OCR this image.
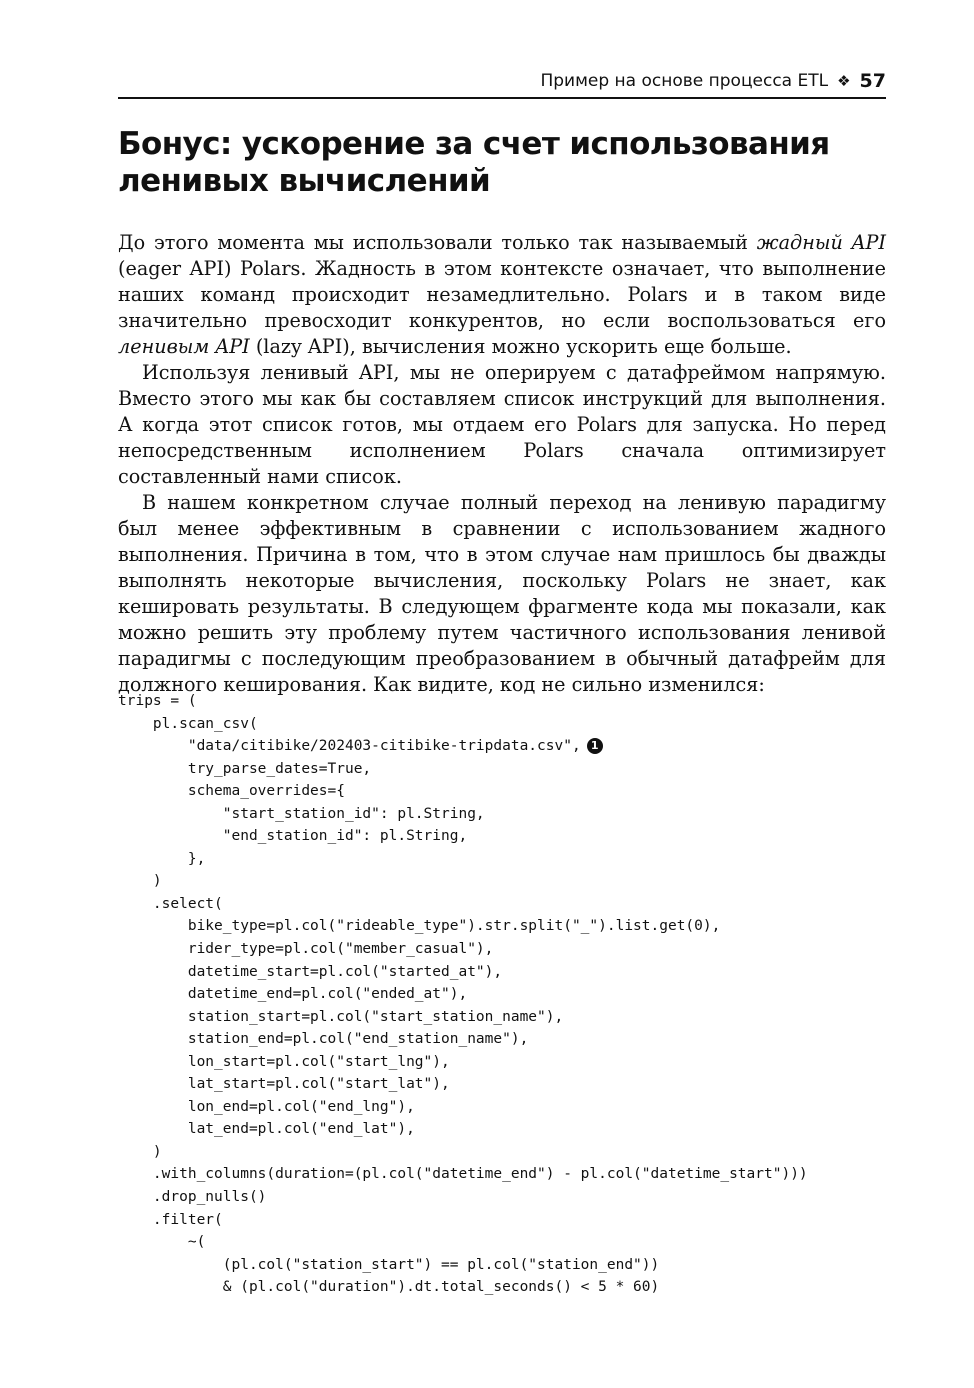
Пример на основе процесса ETL ❖ 57
Бонус: ускорение за счет использования ленивых вычислений

До этого момента мы использовали только так называемый жадный API (eager API) Polars. Жадность в этом контексте означает, что выполнение наших команд происходит незамедлительно. Polars и в таком виде значительно превосходит конкурентов, но если воспользоваться его ленивым API (lazy API), вычисления можно ускорить еще больше.

Используя ленивый API, мы не оперируем с датафреймом напрямую. Вместо этого мы как бы составляем список инструкций для выполнения. А когда этот список готов, мы отдаем его Polars для запуска. Но перед непосредственным исполнением Polars сначала оптимизирует составленный нами список.

В нашем конкретном случае полный переход на ленивую парадигму был менее эффективным в сравнении с использованием жадного выполнения. Причина в том, что в этом случае нам пришлось бы дважды выполнять некоторые вычисления, поскольку Polars не знает, как кешировать результаты. В следующем фрагменте кода мы показали, как можно решить эту проблему путем частичного использования ленивой парадигмы с последующим преобразованием в обычный датафрейм для должного кеширования. Как видите, код не сильно изменился:

trips = (
pl.scan_csv(
"data/citibike/202403-citibike-tripdata.csv", 1
try_parse_dates=True,
schema_overrides={
"start_station_id": pl.String,
"end_station_id": pl.String,
},
)
.select(
bike_type=pl.col("rideable_type").str.split("_").list.get(0),
rider_type=pl.col("member_casual"),
datetime_start=pl.col("started_at"),
datetime_end=pl.col("ended_at"),
station_start=pl.col("start_station_name"),
station_end=pl.col("end_station_name"),
lon_start=pl.col("start_lng"),
lat_start=pl.col("start_lat"),
lon_end=pl.col("end_lng"),
lat_end=pl.col("end_lat"),
)
.with_columns(duration=(pl.col("datetime_end") - pl.col("datetime_start")))
.drop_nulls()
.filter(
~(
(pl.col("station_start") == pl.col("station_end"))
& (pl.col("duration").dt.total_seconds() < 5 * 60)
